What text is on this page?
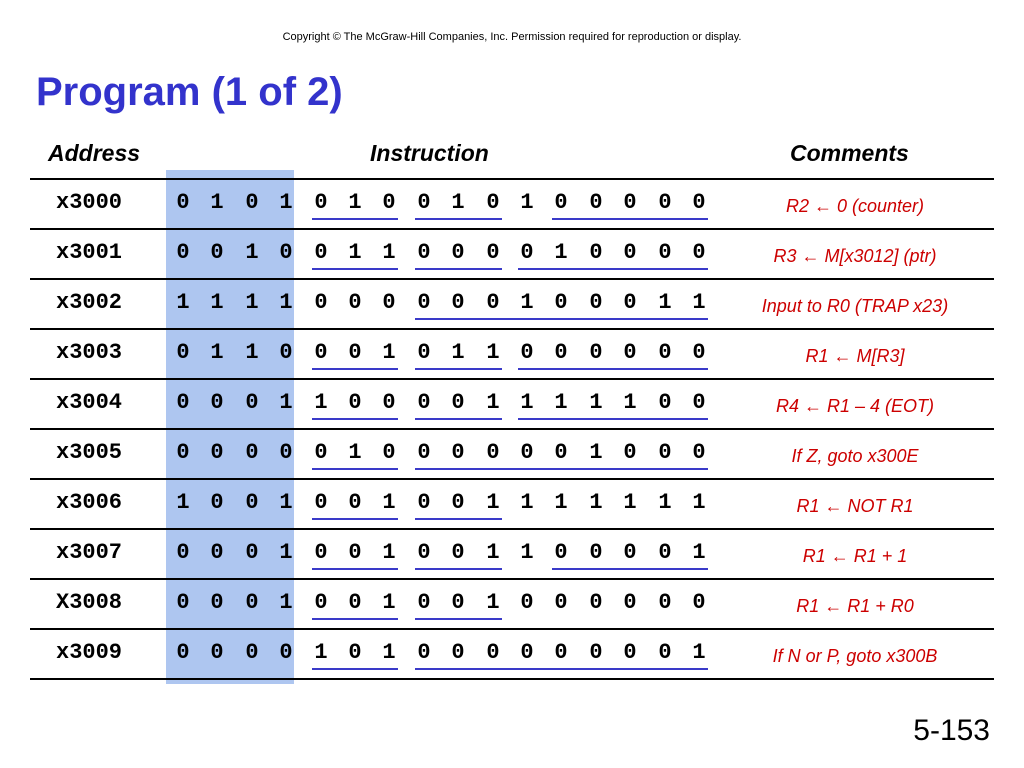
Copyright © The McGraw-Hill Companies, Inc. Permission required for reproduction or display.
Program (1 of 2)
Address	Instruction	Comments
x3000 0 1 0 1 0 1 0 0 1 0 1 0 0 0 0 0	R2 ← 0 (counter)
x3001 0 0 1 0 0 1 1 0 0 0 0 1 0 0 0 0	R3 ← M[x3012] (ptr)
x3002 1 1 1 1 0 0 0 0 0 0 1 0 0 0 1 1	Input to R0 (TRAP x23)
x3003 0 1 1 0 0 0 1 0 1 1 0 0 0 0 0 0	R1 ← M[R3]
x3004 0 0 0 1 1 0 0 0 0 1 1 1 1 1 0 0	R4 ← R1 – 4 (EOT)
x3005 0 0 0 0 0 1 0 0 0 0 0 0 1 0 0 0	If Z, goto x300E
x3006 1 0 0 1 0 0 1 0 0 1 1 1 1 1 1 1	R1 ← NOT R1
x3007 0 0 0 1 0 0 1 0 0 1 1 0 0 0 0 1	R1 ← R1 + 1
X3008 0 0 0 1 0 0 1 0 0 1 0 0 0 0 0 0	R1 ← R1 + R0
x3009 0 0 0 0 1 0 1 0 0 0 0 0 0 0 0 1	If N or P, goto x300B
5-153
